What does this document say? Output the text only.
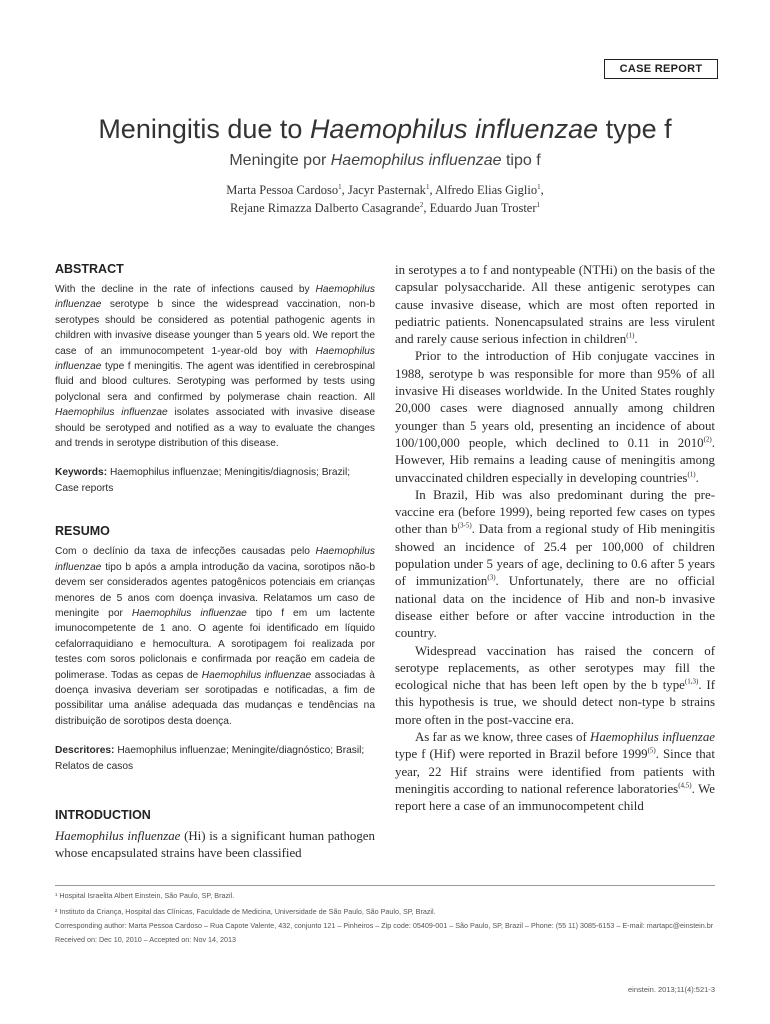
CASE REPORT
Meningitis due to Haemophilus influenzae type f
Meningite por Haemophilus influenzae tipo f
Marta Pessoa Cardoso$^1$, Jacyr Pasternak$^1$, Alfredo Elias Giglio$^1$,
Rejane Rimazza Dalberto Casagrande$^2$, Eduardo Juan Troster$^1$
ABSTRACT

With the decline in the rate of infections caused by Haemophilus influenzae serotype b since the widespread vaccination, non-b serotypes should be considered as potential pathogenic agents in children with invasive disease younger than 5 years old. We report the case of an immunocompetent 1-year-old boy with Haemophilus influenzae type f meningitis. The agent was identified in cerebrospinal fluid and blood cultures. Serotyping was performed by tests using polyclonal sera and confirmed by polymerase chain reaction. All Haemophilus influenzae isolates associated with invasive disease should be serotyped and notified as a way to evaluate the changes and trends in serotype distribution of this disease.

Keywords: Haemophilus influenzae; Meningitis/diagnosis; Brazil; Case reports

RESUMO

Com o declínio da taxa de infecções causadas pelo Haemophilus influenzae tipo b após a ampla introdução da vacina, sorotipos não-b devem ser considerados agentes patogênicos potenciais em crianças menores de 5 anos com doença invasiva. Relatamos um caso de meningite por Haemophilus influenzae tipo f em um lactente imunocompetente de 1 ano. O agente foi identificado em líquido cefalorraquidiano e hemocultura. A sorotipagem foi realizada por testes com soros policlonais e confirmada por reação em cadeia de polimerase. Todas as cepas de Haemophilus influenzae associadas à doença invasiva deveriam ser sorotipadas e notificadas, a fim de possibilitar uma análise adequada das mudanças e tendências na distribuição de sorotipos desta doença.

Descritores: Haemophilus influenzae; Meningite/diagnóstico; Brasil; Relatos de casos

INTRODUCTION

Haemophilus influenzae (Hi) is a significant human pathogen whose encapsulated strains have been classified

in serotypes a to f and nontypeable (NTHi) on the basis of the capsular polysaccharide. All these antigenic serotypes can cause invasive disease, which are most often reported in pediatric patients. Nonencapsulated strains are less virulent and rarely cause serious infection in children$^{(1)}$.

Prior to the introduction of Hib conjugate vaccines in 1988, serotype b was responsible for more than 95% of all invasive Hi diseases worldwide. In the United States roughly 20,000 cases were diagnosed annually among children younger than 5 years old, presenting an incidence of about 100/100,000 people, which declined to 0.11 in 2010$^{(2)}$. However, Hib remains a leading cause of meningitis among unvaccinated children especially in developing countries$^{(1)}$.

In Brazil, Hib was also predominant during the pre-vaccine era (before 1999), being reported few cases on types other than $b^{(3-5)}$. Data from a regional study of Hib meningitis showed an incidence of 25.4 per 100,000 of children population under 5 years of age, declining to 0.6 after 5 years of immunization$^{(3)}$. Unfortunately, there are no official national data on the incidence of Hib and non-b invasive disease either before or after vaccine introduction in the country.

Widespread vaccination has raised the concern of serotype replacements, as other serotypes may fill the ecological niche that has been left open by the b type$^{(1,3)}$. If this hypothesis is true, we should detect non-type b strains more often in the post-vaccine era.

As far as we know, three cases of Haemophilus influenzae type f (Hif) were reported in Brazil before 1999$^{(5)}$. Since that year, 22 Hif strains were identified from patients with meningitis according to national reference laboratories$^{(4,5)}$. We report here a case of an immunocompetent child

¹ Hospital Israelita Albert Einstein, São Paulo, SP, Brazil.
² Instituto da Criança, Hospital das Clínicas, Faculdade de Medicina, Universidade de São Paulo, São Paulo, SP, Brazil.
Corresponding author: Marta Pessoa Cardoso – Rua Capote Valente, 432, conjunto 121 – Pinheiros – Zip code: 05409-001 – São Paulo, SP, Brazil – Phone: (55 11) 3085-6153 – E-mail: martapc@einstein.br
Received on: Dec 10, 2010 – Accepted on: Nov 14, 2013
einstein. 2013;11(4):521-3
